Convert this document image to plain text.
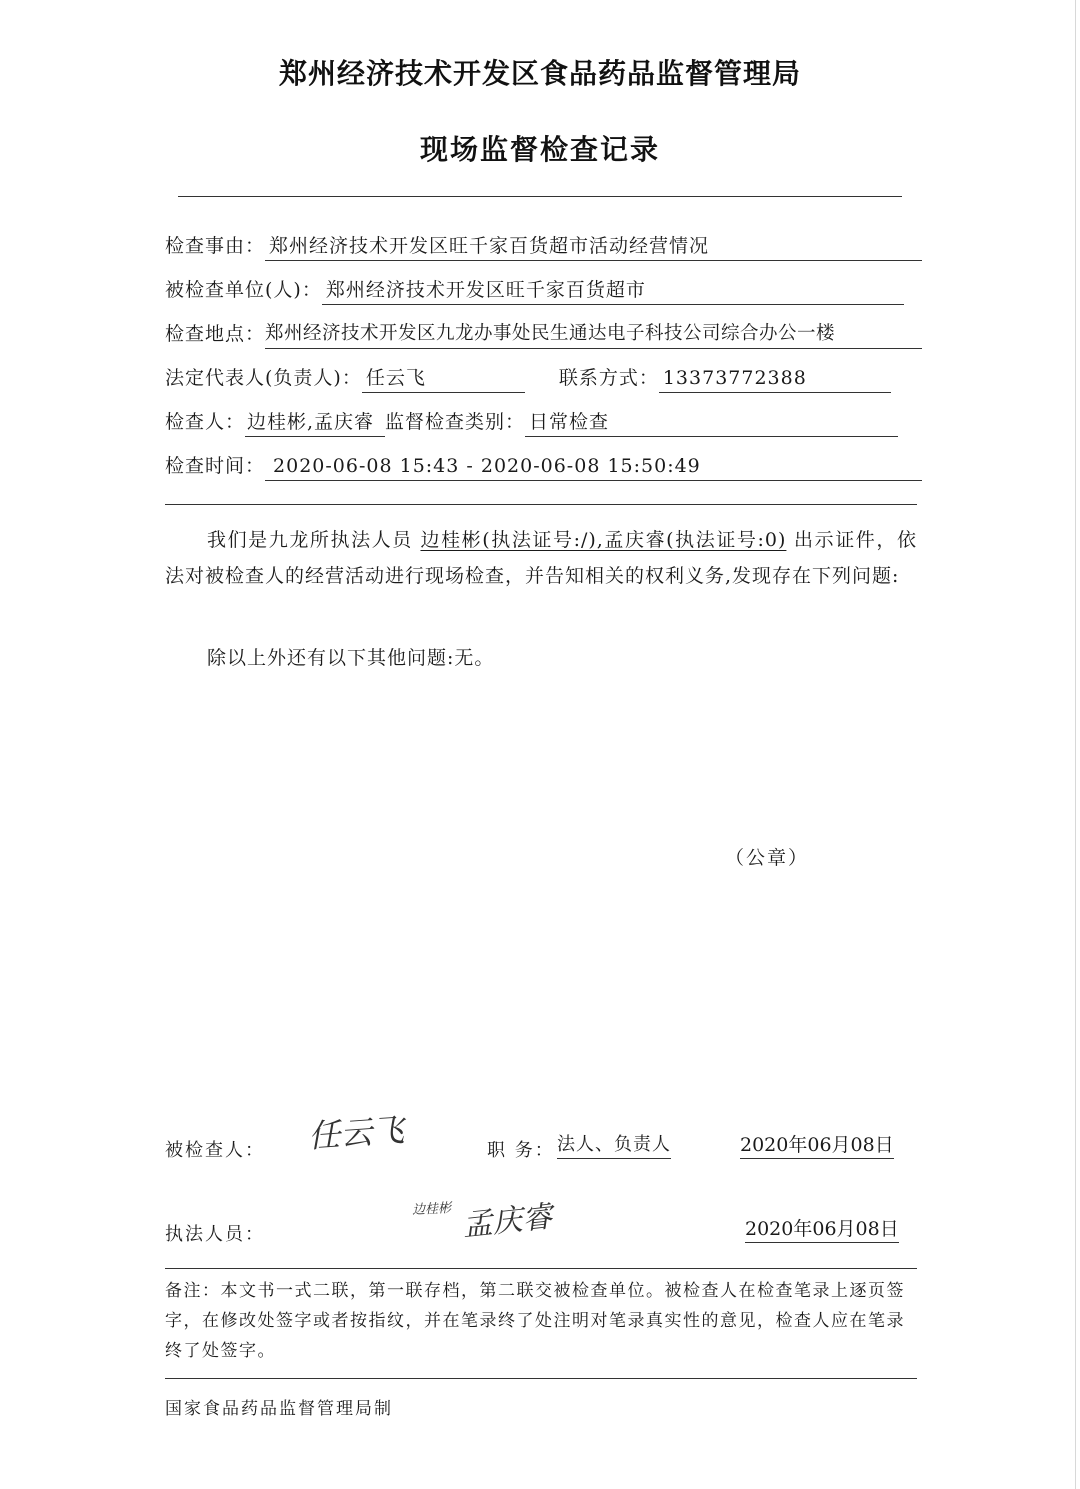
郑州经济技术开发区食品药品监督管理局
现场监督检查记录
检查事由： 郑州经济技术开发区旺千家百货超市活动经营情况
被检查单位(人)： 郑州经济技术开发区旺千家百货超市
检查地点：郑州经济技术开发区九龙办事处民生通达电子科技公司综合办公一楼
法定代表人(负责人)： 任云飞	联系方式： 13373772388
检查人： 边桂彬,孟庆睿 监督检查类别： 日常检查
检查时间： 2020-06-08 15:43 - 2020-06-08 15:50:49
我们是九龙所执法人员 边桂彬(执法证号:/),孟庆睿(执法证号:0) 出示证件，依法对被检查人的经营活动进行现场检查，并告知相关的权利义务,发现存在下列问题:
除以上外还有以下其他问题:无。
（公章）
被检查人： 任云飞	职 务： 法人、负责人	2020年06月08日
执法人员：
边桂彬 孟庆睿	2020年06月08日
备注：本文书一式二联，第一联存档，第二联交被检查单位。被检查人在检查笔录上逐页签字，在修改处签字或者按指纹，并在笔录终了处注明对笔录真实性的意见，检查人应在笔录终了处签字。
国家食品药品监督管理局制
